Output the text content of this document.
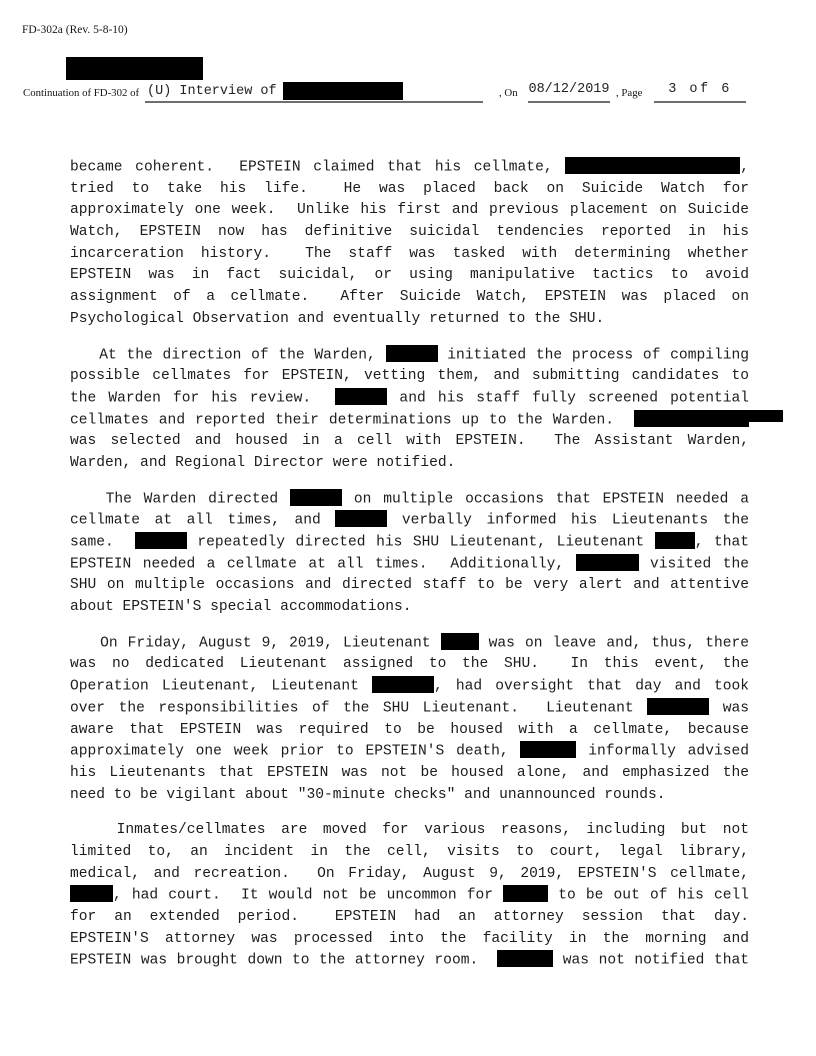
FD-302a (Rev. 5-8-10)
Continuation of FD-302 of (U) Interview of	, On 08/12/2019 , Page	3 of 6
became coherent.  EPSTEIN claimed that his cellmate,	,
tried to take his life.  He was placed back on Suicide Watch for
approximately one week.  Unlike his first and previous placement on Suicide
Watch, EPSTEIN now has definitive suicidal tendencies reported in his
incarceration history.  The staff was tasked with determining whether
EPSTEIN was in fact suicidal, or using manipulative tactics to avoid
assignment of a cellmate.  After Suicide Watch, EPSTEIN was placed on
Psychological Observation and eventually returned to the SHU.
At the direction of the Warden,	initiated the process of compiling
possible cellmates for EPSTEIN, vetting them, and submitting candidates to
the Warden for his review.	and his staff fully screened potential
cellmates and reported their determinations up to the Warden.
was selected and housed in a cell with EPSTEIN.  The Assistant Warden,
Warden, and Regional Director were notified.
The Warden directed	on multiple occasions that EPSTEIN needed a
cellmate at all times, and	verbally informed his Lieutenants the
same.	repeatedly directed his SHU Lieutenant, Lieutenant	, that
EPSTEIN needed a cellmate at all times.  Additionally,	visited the
SHU on multiple occasions and directed staff to be very alert and attentive
about EPSTEIN'S special accommodations.
On Friday, August 9, 2019, Lieutenant	was on leave and, thus, there
was no dedicated Lieutenant assigned to the SHU.  In this event, the
Operation Lieutenant, Lieutenant	, had oversight that day and took
over the responsibilities of the SHU Lieutenant.  Lieutenant	was
aware that EPSTEIN was required to be housed with a cellmate, because
approximately one week prior to EPSTEIN'S death,	informally advised
his Lieutenants that EPSTEIN was not be housed alone, and emphasized the
need to be vigilant about "30-minute checks" and unannounced rounds.
Inmates/cellmates are moved for various reasons, including but not
limited to, an incident in the cell, visits to court, legal library,
medical, and recreation.  On Friday, August 9, 2019, EPSTEIN'S cellmate,
, had court.  It would not be uncommon for	to be out of his cell
for an extended period.  EPSTEIN had an attorney session that day.
EPSTEIN'S attorney was processed into the facility in the morning and
EPSTEIN was brought down to the attorney room.	was not notified that
